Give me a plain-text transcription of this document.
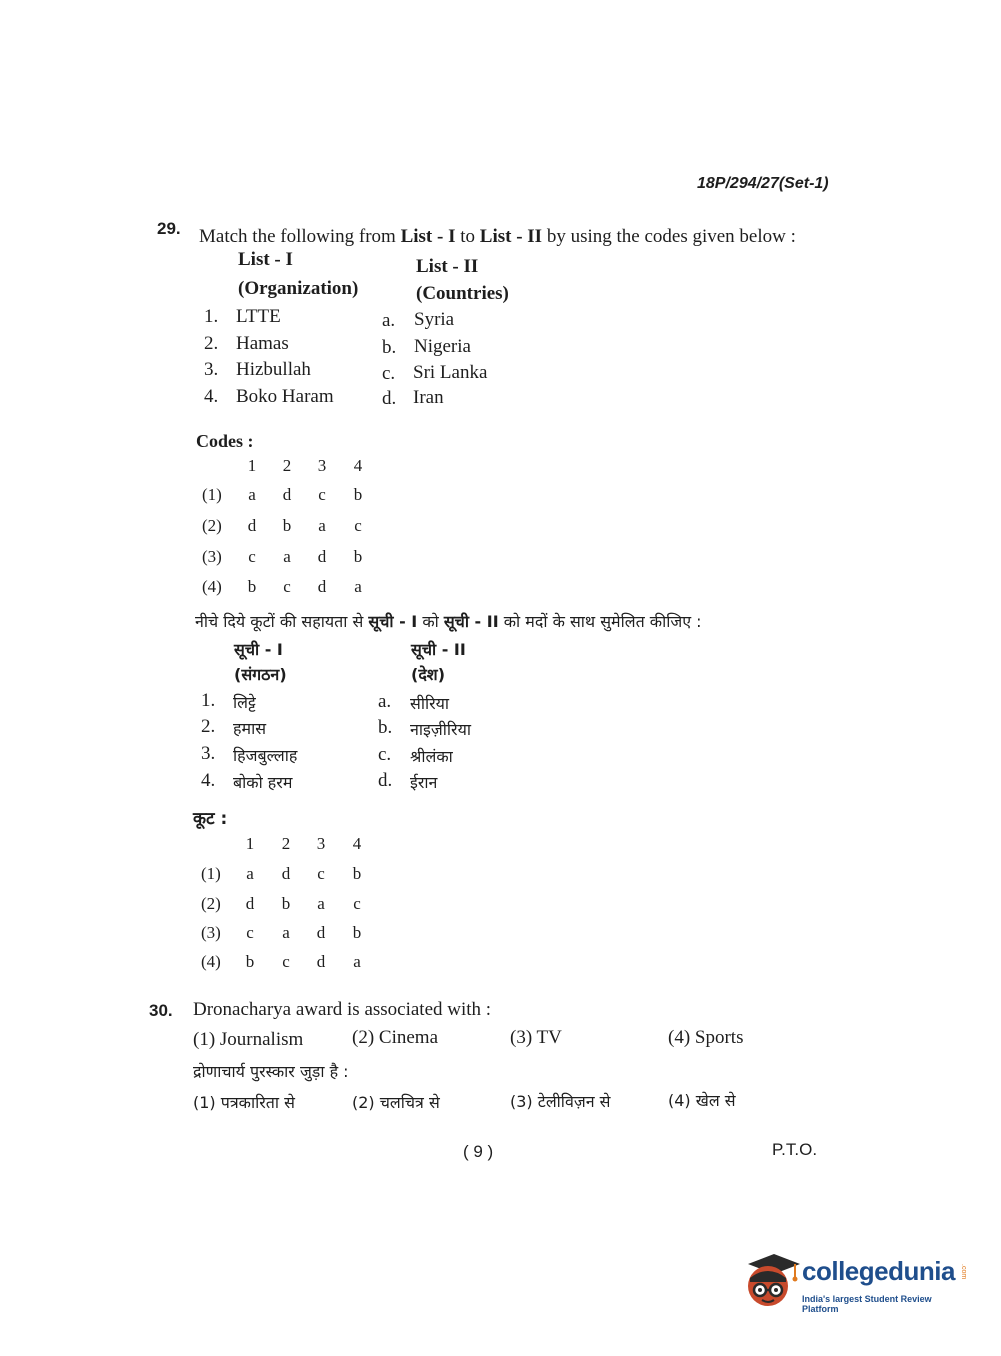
18P/294/27(Set-1)
29. Match the following from List - I to List - II by using the codes given below :
List - I
(Organization)
List - II
(Countries)
1. LTTE
2. Hamas
3. Hizbullah
4. Boko Haram
a. Syria
b. Nigeria
c. Sri Lanka
d. Iran
Codes :
1	2	3	4
(1)	a	d	c	b
(2)	d	b	a	c
(3)	c	a	d	b
(4)	b	c	d	a
नीचे दिये कूटों की सहायता से सूची - I को सूची - II को मदों के साथ सुमेलित कीजिए :
सूची - I
(संगठन)
सूची - II
(देश)
1. लिट्टे
2. हमास
3. हिजबुल्लाह
4. बोको हरम
a. सीरिया
b. नाइज़ीरिया
c. श्रीलंका
d. ईरान
कूट :
1	2	3	4
(1)	a	d	c	b
(2)	d	b	a	c
(3)	c	a	d	b
(4)	b	c	d	a
30. Dronacharya award is associated with :
(1) Journalism	(2) Cinema	(3) TV	(4) Sports
द्रोणाचार्य पुरस्कार जुड़ा है :
(1) पत्रकारिता से	(2) चलचित्र से	(3) टेलीविज़न से	(4) खेल से
( 9 )	P.T.O.
collegedunia .com
India's largest Student Review Platform
